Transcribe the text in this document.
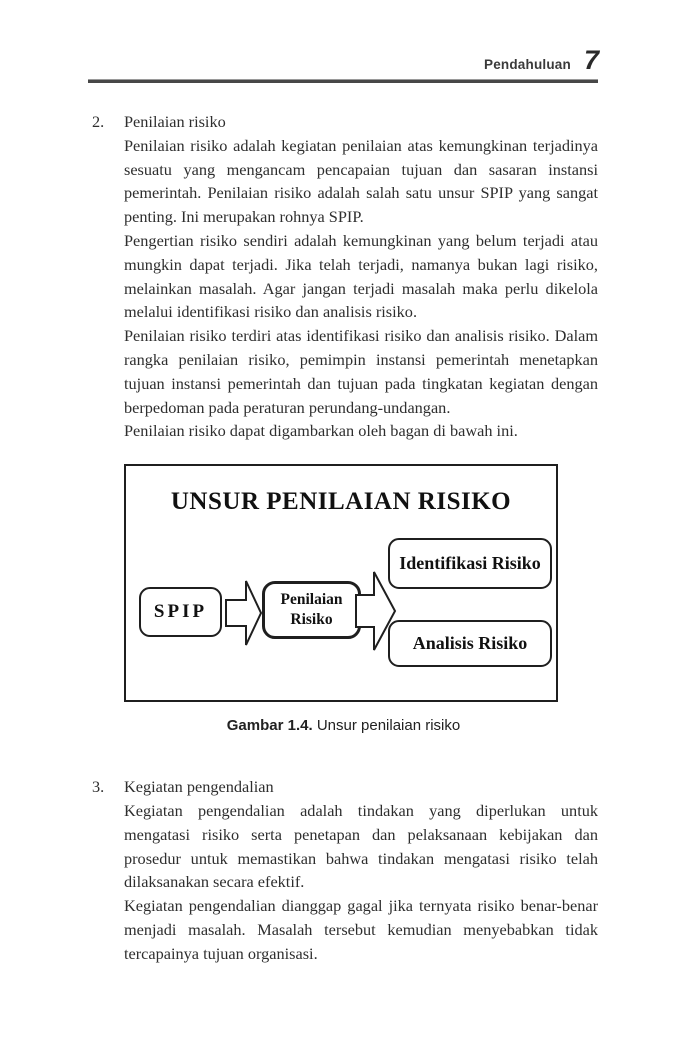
Pendahuluan 7
2.	Penilaian risiko

Penilaian risiko adalah kegiatan penilaian atas kemungkinan terjadinya sesuatu yang mengancam pencapaian tujuan dan sasaran instansi pemerintah. Penilaian risiko adalah salah satu unsur SPIP yang sangat penting. Ini merupakan rohnya SPIP.

Pengertian risiko sendiri adalah kemungkinan yang belum terjadi atau mungkin dapat terjadi. Jika telah terjadi, namanya bukan lagi risiko, melainkan masalah. Agar jangan terjadi masalah maka perlu dikelola melalui identifikasi risiko dan analisis risiko.

Penilaian risiko terdiri atas identifikasi risiko dan analisis risiko. Dalam rangka penilaian risiko, pemimpin instansi pemerintah menetapkan tujuan instansi pemerintah dan tujuan pada tingkatan kegiatan dengan berpedoman pada peraturan perundang-undangan.

Penilaian risiko dapat digambarkan oleh bagan di bawah ini.

UNSUR PENILAIAN RISIKO
SPIP
Penilaian Risiko
Identifikasi Risiko
Analisis Risiko
Gambar 1.4. Unsur penilaian risiko
3.	Kegiatan pengendalian

Kegiatan pengendalian adalah tindakan yang diperlukan untuk mengatasi risiko serta penetapan dan pelaksanaan kebijakan dan prosedur untuk memastikan bahwa tindakan mengatasi risiko telah dilaksanakan secara efektif.

Kegiatan pengendalian dianggap gagal jika ternyata risiko benar-benar menjadi masalah. Masalah tersebut kemudian menyebabkan tidak tercapainya tujuan organisasi.
